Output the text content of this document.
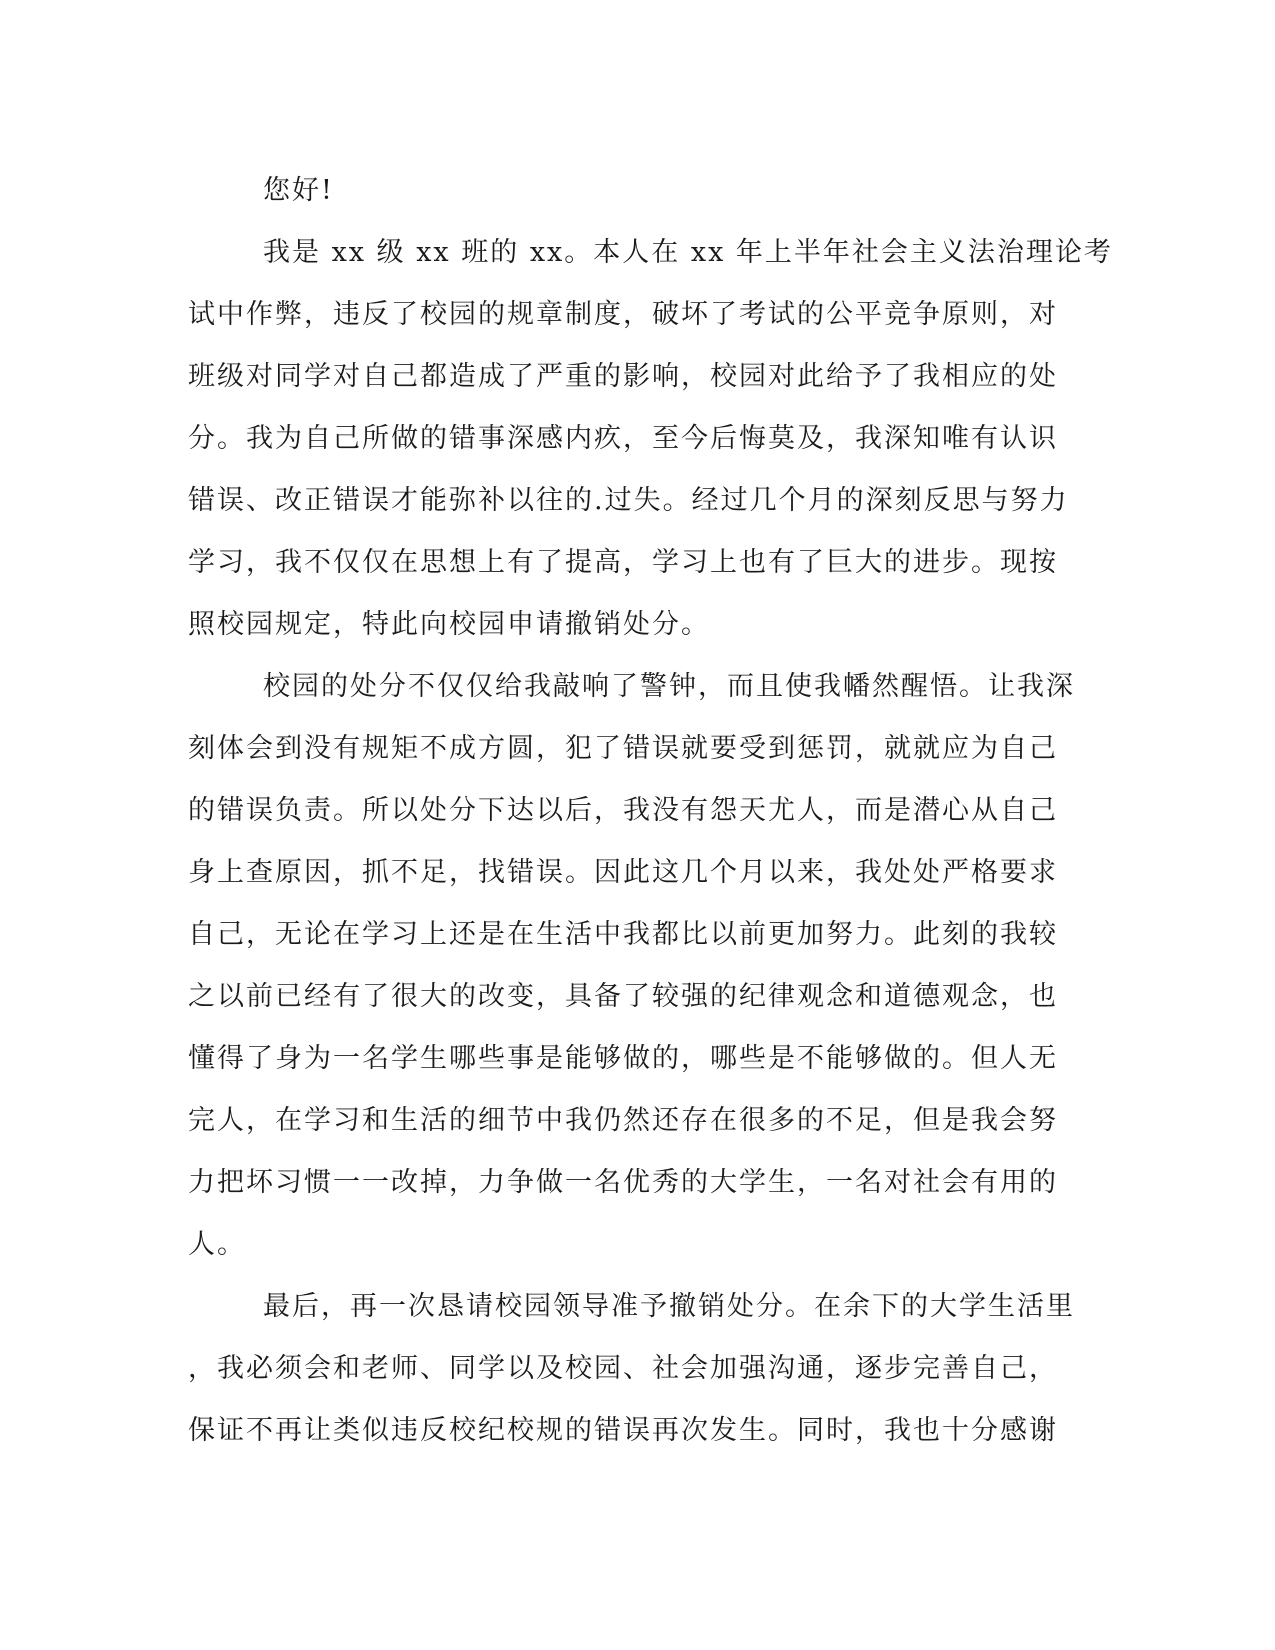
您好!
我是 xx 级 xx 班的 xx。本人在 xx 年上半年社会主义法治理论考
试中作弊，违反了校园的规章制度，破坏了考试的公平竞争原则，对
班级对同学对自己都造成了严重的影响，校园对此给予了我相应的处
分。我为自己所做的错事深感内疚，至今后悔莫及，我深知唯有认识
错误、改正错误才能弥补以往的.过失。经过几个月的深刻反思与努力
学习，我不仅仅在思想上有了提高，学习上也有了巨大的进步。现按
照校园规定，特此向校园申请撤销处分。
校园的处分不仅仅给我敲响了警钟，而且使我幡然醒悟。让我深
刻体会到没有规矩不成方圆，犯了错误就要受到惩罚，就就应为自己
的错误负责。所以处分下达以后，我没有怨天尤人，而是潜心从自己
身上查原因，抓不足，找错误。因此这几个月以来，我处处严格要求
自己，无论在学习上还是在生活中我都比以前更加努力。此刻的我较
之以前已经有了很大的改变，具备了较强的纪律观念和道德观念，也
懂得了身为一名学生哪些事是能够做的，哪些是不能够做的。但人无
完人，在学习和生活的细节中我仍然还存在很多的不足，但是我会努
力把坏习惯一一改掉，力争做一名优秀的大学生，一名对社会有用的
人。
最后，再一次恳请校园领导准予撤销处分。在余下的大学生活里
，我必须会和老师、同学以及校园、社会加强沟通，逐步完善自己，
保证不再让类似违反校纪校规的错误再次发生。同时，我也十分感谢
